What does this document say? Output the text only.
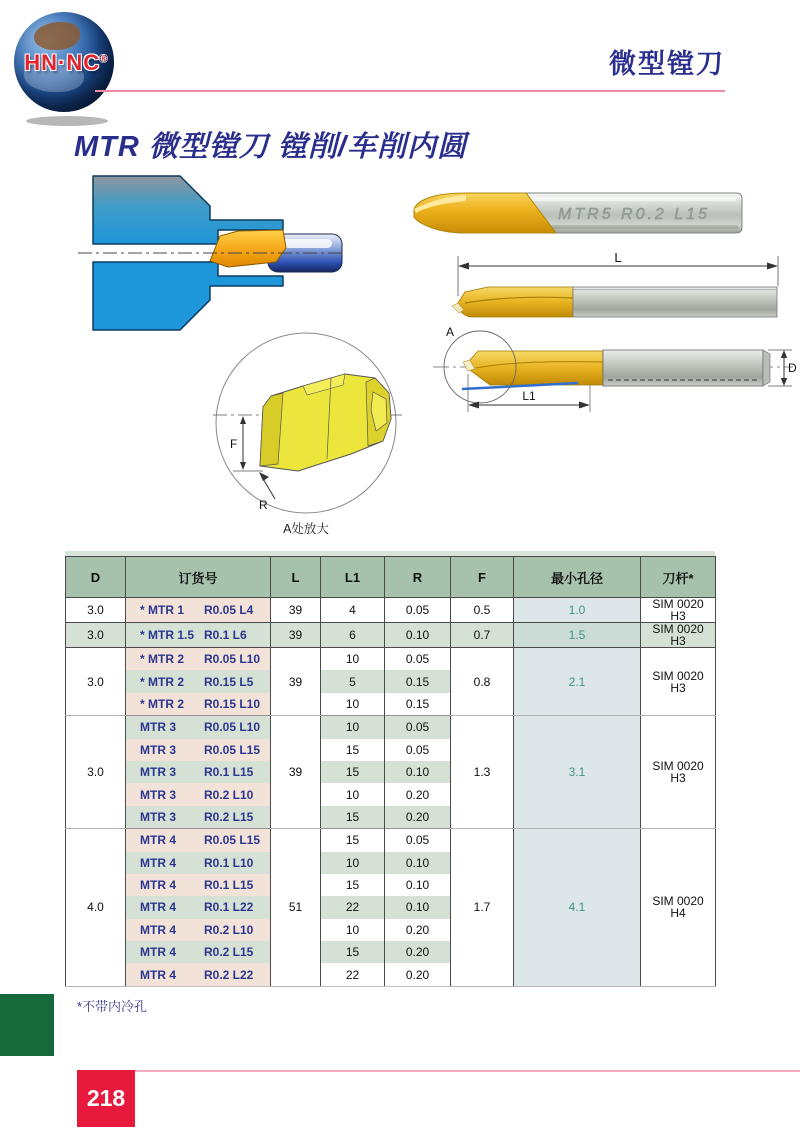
HN·NC®	微型镗刀
MTR 微型镗刀 镗削/车削内圆
MTR5 R0.2 L15
L
A
D
L1
F
R
A处放大
D	订货号	L	L1	R	F	最小孔径	刀杆*
3.0	* MTR 1 R0.05 L4	39	4	0.05	0.5	1.0	SIM 0020 H3
3.0	* MTR 1.5 R0.1 L6	39	6	0.10	0.7	1.5	SIM 0020 H3
3.0	* MTR 2 R0.05 L10	39	10	0.05	0.8	2.1	SIM 0020 H3
	* MTR 2 R0.15 L5		5	0.15			
	* MTR 2 R0.15 L10		10	0.15			
3.0	MTR 3 R0.05 L10	39	10	0.05	1.3	3.1	SIM 0020 H3
	MTR 3 R0.05 L15		15	0.05			
	MTR 3 R0.1 L15		15	0.10			
	MTR 3 R0.2 L10		10	0.20			
	MTR 3 R0.2 L15		15	0.20			
4.0	MTR 4 R0.05 L15	51	15	0.05	1.7	4.1	SIM 0020 H4
	MTR 4 R0.1 L10		10	0.10			
	MTR 4 R0.1 L15		15	0.10			
	MTR 4 R0.1 L22		22	0.10			
	MTR 4 R0.2 L10		10	0.20			
	MTR 4 R0.2 L15		15	0.20			
	MTR 4 R0.2 L22		22	0.20			
*不带内冷孔
218
